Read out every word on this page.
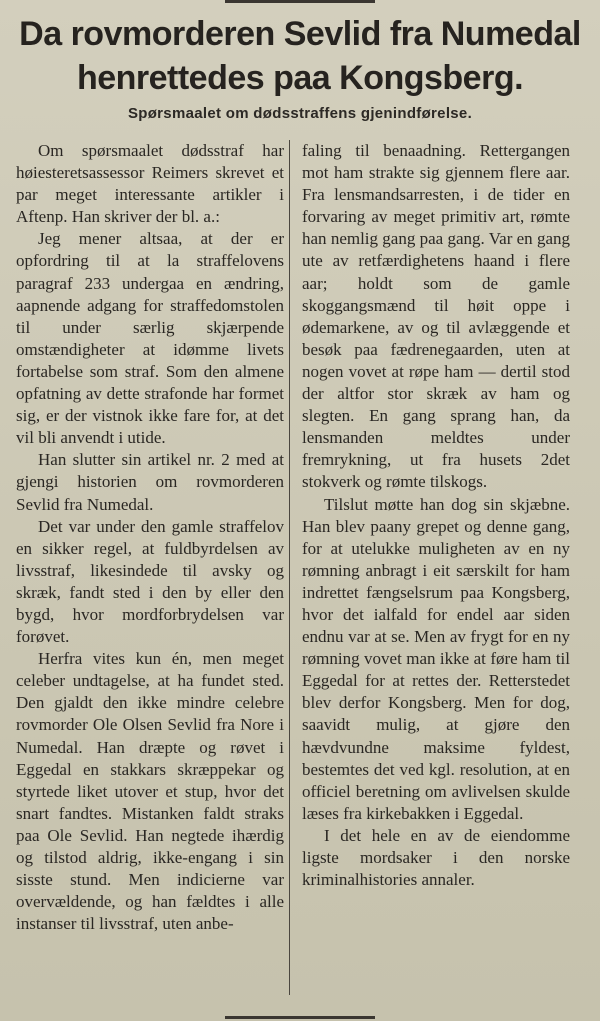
Da rovmorderen Sevlid fra Numedal
henrettedes paa Kongsberg.
Spørsmaalet om dødsstraffens gjenindførelse.

Om spørsmaalet dødsstraf har høiesteretsassessor Reimers skrevet et par meget interessante artikler i Aftenp. Han skriver der bl. a.:

Jeg mener altsaa, at der er opfordring til at la straffelovens paragraf 233 undergaa en ændring, aapnende adgang for straffedomstolen til under særlig skjærpende omstændigheter at idømme livets fortabelse som straf. Som den almene opfatning av dette strafonde har formet sig, er der vistnok ikke fare for, at det vil bli anvendt i utide.

Han slutter sin artikel nr. 2 med at gjengi historien om rovmorderen Sevlid fra Numedal.

Det var under den gamle straffelov en sikker regel, at fuldbyrdelsen av livsstraf, likesindede til avsky og skræk, fandt sted i den by eller den bygd, hvor mordforbrydelsen var forøvet.

Herfra vites kun én, men meget celeber undtagelse, at ha fundet sted. Den gjaldt den ikke mindre celebre rovmorder Ole Olsen Sevlid fra Nore i Numedal. Han dræpte og røvet i Eggedal en stakkars skræppekar og styrtede liket utover et stup, hvor det snart fandtes. Mistanken faldt straks paa Ole Sevlid. Han negtede ihærdig og tilstod aldrig, ikke-engang i sin sisste stund. Men indicierne var overvældende, og han fældtes i alle instanser til livsstraf, uten anbe-

faling til benaadning. Rettergangen mot ham strakte sig gjennem flere aar. Fra lensmandsarresten, i de tider en forvaring av meget primitiv art, rømte han nemlig gang paa gang. Var en gang ute av retfærdighetens haand i flere aar; holdt som de gamle skoggangsmænd til høit oppe i ødemarkene, av og til avlæggende et besøk paa fædrenegaarden, uten at nogen vovet at røpe ham — dertil stod der altfor stor skræk av ham og slegten. En gang sprang han, da lensmanden meldtes under fremrykning, ut fra husets 2det stokverk og rømte tilskogs.

Tilslut møtte han dog sin skjæbne. Han blev paany grepet og denne gang, for at utelukke muligheten av en ny rømning anbragt i eit særskilt for ham indrettet fængselsrum paa Kongsberg, hvor det ialfald for endel aar siden endnu var at se. Men av frygt for en ny rømning vovet man ikke at føre ham til Eggedal for at rettes der. Retterstedet blev derfor Kongsberg. Men for dog, saavidt mulig, at gjøre den hævdvundne maksime fyldest, bestemtes det ved kgl. resolution, at en officiel beretning om avlivelsen skulde læses fra kirkebakken i Eggedal.

I det hele en av de eiendomme ligste mordsaker i den norske kriminalhistories annaler.
